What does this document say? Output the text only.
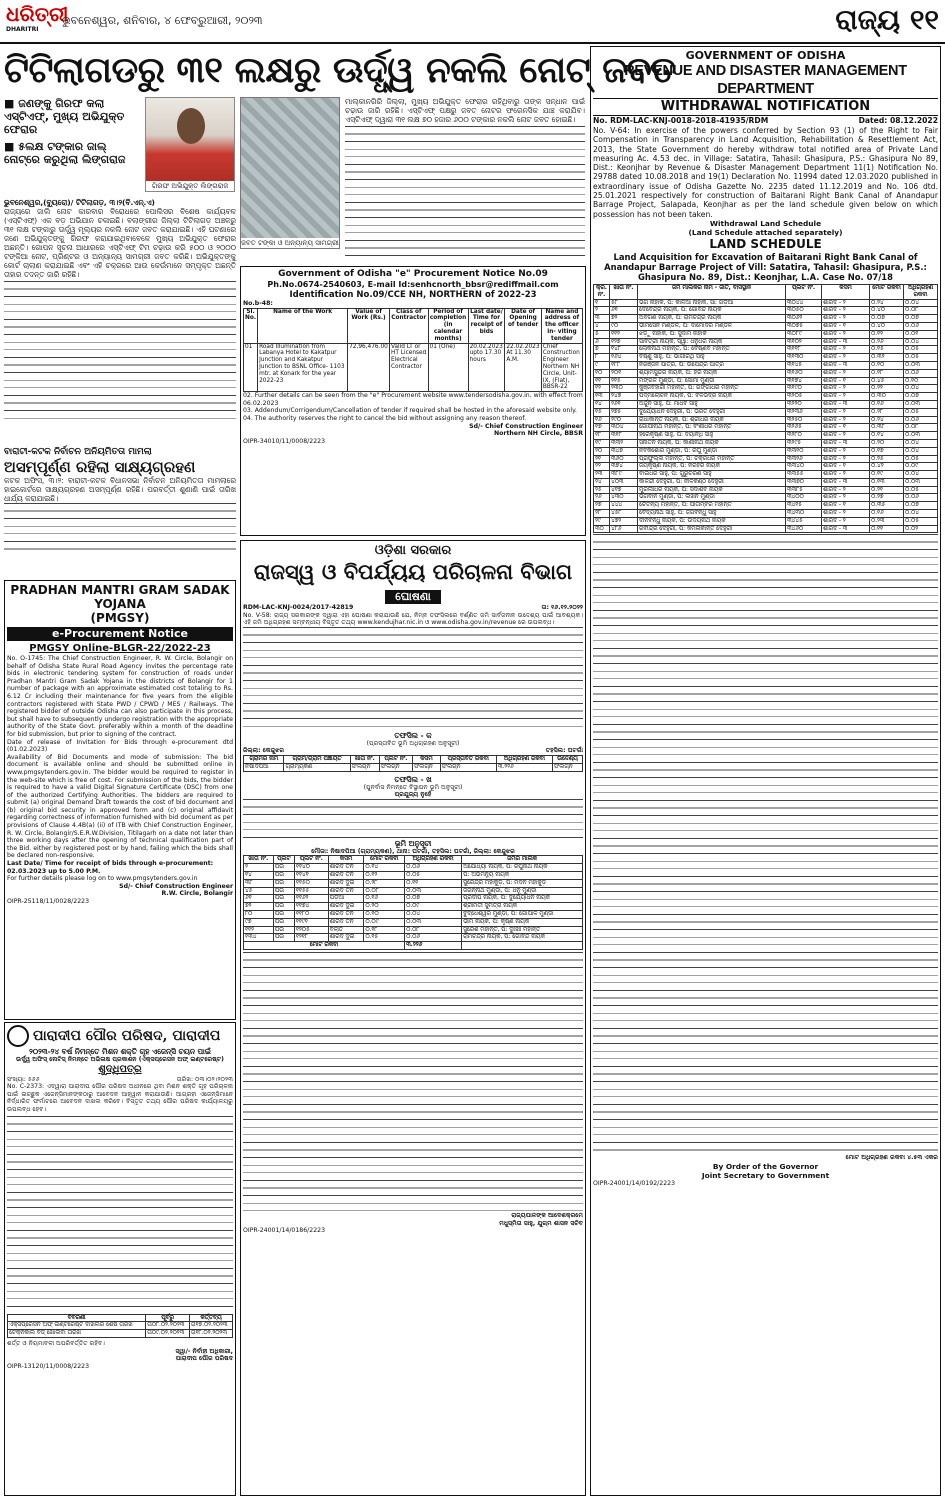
ଧରିତ୍ରୀ
DHARITRI
ଭୁବନେଶ୍ୱର, ଶନିବାର, ୪ ଫେବ୍ରୁଆରୀ, ୨୦୨୩	ରାଜ୍ୟ ୧୧
ଟିଟିଲାଗଡରୁ ୩୧ ଲକ୍ଷରୁ ଊର୍ଦ୍ଧ୍ୱ ନକଲି ନୋଟ୍ ଜବତ
■ ଜଣଙ୍କୁ ଗିରଫ କଲା ଏସ୍‌ଟିଏଫ୍, ମୁଖ୍ୟ ଅଭିଯୁକ୍ତ ଫେରାର
■ ୫ଲକ୍ଷ ଟଙ୍କାର ଜାଲ୍ ନୋଟ୍‌ରେ କରୁଥିଲା ଲିଙ୍ଗରାଜ
ଗିରଫ ଅଭିଯୁକ୍ତ ଲିଙ୍ଗରାଜ
ଜବତ ଟଙ୍କା ଓ ଅନ୍ୟାନ୍ୟ ସାମଗ୍ରୀ
ଭୁବନେଶ୍ୱର,(ବ୍ୟୁରୋ)/ ଟିଟିଲାଗଡ଼, ୩।୨(ବି.ଏନ୍.ଏ)
ରାଜ୍ୟରେ ଜାଲି ନୋଟ କାରବାର ବିରୋଧରେ ପୋଲିସର ବିଶେଷ କାର୍ଯ୍ୟବଳ (ଏସ୍‌ଟିଏଫ୍) ଏକ ବଡ଼ ଅଭିଯାନ ଚଳାଇଛି। ବଲାଙ୍ଗୀର ଜିଲ୍ଲା ଟିଟିଲାଗଡ଼ ଅଞ୍ଚଳରୁ ୩୧ ଲକ୍ଷ ଟଙ୍କାରୁ ଊର୍ଦ୍ଧ୍ୱ ମୂଲ୍ୟର ନକଲି ନୋଟ ଜବତ କରାଯାଇଛି। ଏହି ଘଟଣାରେ ଜଣେ ଅଭିଯୁକ୍ତଙ୍କୁ ଗିରଫ କରାଯାଇଥିବାବେଳେ ମୁଖ୍ୟ ଅଭିଯୁକ୍ତ ଫେରାର ଅଛନ୍ତି। ଗୋପନ ସୂଚନା ଆଧାରରେ ଏସ୍‌ଟିଏଫ୍ ଟିମ ଚଢ଼ାଉ କରି ୫୦୦ ଓ ୨୦୦୦ ଟଙ୍କିଆ ନୋଟ, ପ୍ରିଣ୍ଟର ଓ ଅନ୍ୟାନ୍ୟ ସାମଗ୍ରୀ ଜବତ କରିଛି। ଅଭିଯୁକ୍ତଙ୍କୁ କୋର୍ଟ ଚାଲାଣ କରାଯାଇଛି ଏବଂ ଏହି ଚକ୍ରରେ ଆଉ କେଉଁମାନେ ସମ୍ପୃକ୍ତ ଅଛନ୍ତି ତାହାର ତଦନ୍ତ ଜାରି ରହିଛି।
ମାଲ୍‌କାନଗିରି ଜିଲ୍ଲା, ମୁଖ୍ୟ ଅଭିଯୁକ୍ତ ଫେରାର ରହିଥିବାରୁ ତାଙ୍କ ସନ୍ଧାନ ପାଇଁ ଚଢ଼ାଉ ଜାରି ରହିଛି। ଏସ୍‌ଟିଏଫ୍ ପକ୍ଷରୁ ଜବତ ନୋଟର ଫରେନସିକ ଯାଞ୍ଚ କରାଯିବ। ଏସ୍‌ଟିଏଫ୍ ଦ୍ୱାରା ୩୧ ଲକ୍ଷ ୭୦ ହଜାର ୬୦୦ ଟଙ୍କାର ନକଲି ନୋଟ ଜବତ ହୋଇଛି।
ବାରାଟୀ-କଟକ ନିର୍ବାଚନ ଅନିୟମିତତା ମାମଲା
ଅସମ୍ପୂର୍ଣ୍ଣ ରହିଲା ସାକ୍ଷ୍ୟଗ୍ରହଣ
କଟକ ଅଫିସ, ୩।୨: ବାରାଟୀ-କଟକ ବିଧାନସଭା ନିର୍ବାଚନ ଅନିୟମିତତା ମାମଲାରେ ହାଇକୋର୍ଟରେ ସାକ୍ଷ୍ୟଗ୍ରହଣ ଅସମ୍ପୂର୍ଣ୍ଣ ରହିଛି। ପରବର୍ତ୍ତୀ ଶୁଣାଣି ପାଇଁ ତାରିଖ ଧାର୍ଯ୍ୟ କରାଯାଇଛି।
Government of Odisha "e" Procurement Notice No.09
Ph.No.0674-2540603, E-mail Id:senhcnorth_bbsr@rediffmail.com
Identification No.09/CCE NH, NORTHERN of 2022-23
No.b-48:
Sl. No.	Name of the Work	Value of Work (Rs.)	Class of Contractor	Period of completion (in calendar months)	Last date/ Time for receipt of bids	Date of Opening of tender	Name and address of the officer in- viting tender
01	Road Illumination from Labanya Hotel to Kakatpur Junction and Kakatpur Junction to BSNL Office- 1103 mtr. at Konark for the year 2022-23	72,96,476.00	Valid LT or HT Licensed Electrical Contractor	01 (One)	20.02.2023 upto 17.30 hours	22.02.2023 At 11.30 A.M.	Chief Construction Engineer Northern NH Circle, Unit- IX, (Flat), BBSR-22
02. Further details can be seen from the "e" Procurement website www.tendersodisha.gov.in. with effect from 06.02.2023
03. Addendum/Corrigendum/Cancellation of tender if required shall be hosted in the aforesaid website only.
04. The authority reserves the right to cancel the bid without assigning any reason thereof.
Sd/- Chief Construction Engineer
Northern NH Circle, BBSR
OIPR-34010/11/0008/2223
PRADHAN MANTRI GRAM SADAK YOJANA
(PMGSY)
e-Procurement Notice
PMGSY Online-BLGR-22/2022-23
No. O-1745: The Chief Construction Engineer, R. W. Circle, Bolangir on behalf of Odisha State Rural Road Agency invites the percentage rate bids in electronic tendering system for construction of roads under Pradhan Mantri Gram Sadak Yojana in the districts of Bolangir for 1 number of package with an approximate estimated cost totaling to Rs. 6.12 Cr including their maintenance for five years from the eligible contractors registered with State PWD / CPWD / MES / Railways. The registered bidder of outside Odisha can also participate in this process, but shall have to subsequently undergo registration with the appropriate authority of the State Govt. preferably within a month of the deadline for bid submission, but prior to signing of the contract.
Date of release of Invitation for Bids through e-procurement dtd (01.02.2023)
Availability of Bid Documents and mode of submission: The bid document is available online and should be submitted online in www.pmgsytenders.gov.in. The bidder would be required to register in the web-site which is free of cost. For submission of the bids, the bidder is required to have a valid Digital Signature Certificate (DSC) from one of the authorized Certifying Authorities. The bidders are required to submit (a) original Demand Draft towards the cost of bid document and (b) original bid security in approved form and (c) original affidavit regarding correctness of information furnished with bid document as per provisions of Clause 4.4B(a) (ii) of ITB with Chief Construction Engineer, R. W. Circle, Bolangir/S.E.R.W.Division, Titilagarh on a date not later than three working days after the opening of technical qualification part of the Bid. either by registered post or by hand, failing which the bids shall be declared non-responsive.
Last Date/ Time for receipt of bids through e-procurement: 02.03.2023 up to 5.00 P.M.
For further details please log on to www.pmgsytenders.gov.in
Sd/- Chief Construction Engineer
R.W. Circle, Bolangir
OIPR-25118/11/0028/2223
ପାରାଦୀପ ପୌର ପରିଷଦ, ପାରାଦୀପ
୨୦୨୩-୨୪ ବର୍ଷ ନିମନ୍ତେ ମିଶନ ଶକ୍ତି ଗୃହ ଏଜେନ୍ସି ଚୟନ ପାଇଁ
ଉର୍ଦ୍ଧ୍ୱ ଅଫିସ୍ ନୋଟିସ୍ ନିମନ୍ତେ ଅଭିଳାଷ ପ୍ରକାଶନ (ଏକ୍ସପ୍ରେସନ ଅଫ୍ ଇଣ୍ଟରେଷ୍ଟ)
ଶୁଦ୍ଧିପତ୍ର
ସଂଖ୍ୟା: ୫୬୬	ତାରିଖ: ୦୩।୦୨।୨୦୨୩
No. C-2373: ଏଦ୍ୱାରା ପାରାଦୀପ ପୌର ପରିଷଦ ଅଧୀନରେ ଥିବା ମିଶନ ଶକ୍ତି ଗୃହ ପରିଚାଳନା ପାଇଁ ଇଚ୍ଛୁକ ଏଜେନ୍ସିମାନଙ୍କଠାରୁ ଆବେଦନ ଆହ୍ୱାନ କରାଯାଉଛି। ଆଗ୍ରହୀ ଏଜେନ୍ସିମାନେ ନିର୍ଦ୍ଧାରିତ ଫର୍ମାଟରେ ଆବେଦନ ଦାଖଲ କରିବେ। ବିସ୍ତୃତ ତଥ୍ୟ ପୌର ପରିଷଦ କାର୍ଯ୍ୟାଳୟରୁ ଉପଲବ୍ଧ ହେବ।
ବିବରଣୀ	ପୂର୍ବରୁ	କର୍ତ୍ତବ୍ୟ
ଏକ୍ସପ୍ରେସନ ଅଫ୍ ଇଣ୍ଟରେଷ୍ଟ ଦାଖଲର ଶେଷ ତାରିଖ	ତା୦୮.୦୨.୨୦୨୩	ତା୧୭.୦୨.୨୦୨୩
ଟେକ୍‌ନିକାଲ ବିଡ୍ ଖୋଲିବା ତାରିଖ	ତା୦୯.୦୨.୨୦୨୩	ତା୧୮.୦୨.୨୦୨୩
ଶର୍ତ୍ତ ଓ ନିୟମାବଳୀ ଅପରିବର୍ତ୍ତିତ ରହିବ।
ସ୍ୱା/- ନିର୍ବାହୀ ଅଧିକାରୀ,
ପାରାଦୀପ ପୌର ପରିଷଦ
OIPR-13120/11/0008/2223
ଓଡ଼ିଶା ସରକାର
ରାଜସ୍ୱ ଓ ବିପର୍ଯ୍ୟୟ ପରିଚାଳନା ବିଭାଗ
ଘୋଷଣା
RDM-LAC-KNJ-0024/2017-42819	ତା: ୧୬.୧୨.୨୦୨୨
No. V-58: ରାଜ୍ୟ ସରକାରଙ୍କ ଦ୍ୱାରା ଏହା ଘୋଷଣା କରାଯାଉଛି ଯେ, ନିମ୍ନ ତଫସିଲରେ ବର୍ଣ୍ଣିତ ଜମି ସାର୍ବଜନୀନ ଉଦ୍ଦେଶ୍ୟ ପାଇଁ ଆବଶ୍ୟକ। ଏହି ଜମି ଅଧିଗ୍ରହଣ ସମ୍ବନ୍ଧୀୟ ବିସ୍ତୃତ ତଥ୍ୟ www.kendujhar.nic.in ଓ www.odisha.gov.in/revenue ରେ ଉପଲବ୍ଧ।
ତଫସିଲ - କ
(ପ୍ରସ୍ତାବିତ ଭୂମି ଅଧିଗ୍ରହଣ ଅନୁସୂଚୀ)
ଜିଲ୍ଲା: କେନ୍ଦୁଝର	ତହସିଲ: ଘଟଗାଁ
ଗ୍ରାମର ନାମ	ଗ୍ରାମ/ଗ୍ରାମ ପଞ୍ଚାୟତ	ଖାତା ନଂ.	ପ୍ଲଟ ନଂ.	କିସମ	ପ୍ରସ୍ତାବିତ ରକବା	ଅଧିଗ୍ରହଣ ରକବା	ଉଦ୍ଦେଶ୍ୟ
ନିଷାଦପିଆ	ଗ୍ରାମ୍ୟକଣ	ସଂଲଗ୍ନ	ସଂଲଗ୍ନ	ସଂଲଗ୍ନ	ସଂଲଗ୍ନ	୩.୨୨୬	ସଂଲଗ୍ନ
ତଫସିଲ - ଖ
(ପୁନର୍ବାସ ନିମନ୍ତେ ବିସ୍ଥାପନ ଭୂମି ଅନୁସୂଚୀ)
ପ୍ରଯୁଜ୍ୟ ନୁହେଁ
ଭୂମି ଅନୁସୂଚୀ
ମୌଜା: ନିଷାଦପିଆ (ଗ୍ରାମ୍ୟକଣ), ଥାନା: ଘଟଗାଁ, ତହସିଲ: ଘଟଗାଁ, ଜିଲ୍ଲା: କେନ୍ଦୁଝର
ଖାତା ନଂ.	ପ୍ଲଟ	ପ୍ଲଟ ନଂ.	କିସମ	ମୋଟ ରକବା	ଅଧିଗ୍ରହଣ ରକବା	ଜମିର ମାଲିକ
୨	ଘଉ	୧୧୪୦	ଶାରଦ ତିନି	୦.୧୪	୦.୦୬	ଅଯୋଧ୍ୟା ନାୟକ, ପି: ରଘୁନାଥ ନାୟକ
୧୪	ଘଉ	୧୧୪୧	ଶାରଦ ତିନି	୦.୧୨	୦.୦୫	ପି: ଅଭିମନ୍ୟୁ ନାୟକ
୩୮	ଘଉ	୧୧୫୦	ଶାରଦ ଦୁଇ	୦.୨୮	୦.୧୧	ସୁରେନ୍ଦ୍ର ମହାକୁଡ଼, ପି: ମଦନ ମହାକୁଡ଼
୪୫	ଘଉ	୧୧୫୫	ଶାରଦ ତିନି	୦.୦୮	୦.୦୩	ଜଗନ୍ନାଥ ମୁଣ୍ଡା, ପି: ଧନୁ ମୁଣ୍ଡା
୬୧	ଘଉ	୧୧୬୨	ପଡ଼ିଆ	୦.୧୬	୦.୦୭	ପ୍ରଦୀପ ନାୟକ, ପି: ଦୁର୍ଯ୍ୟୋଧନ ନାୟକ
୭୨	ଘଉ	୧୧୭୪	ଶାରଦ ଦୁଇ	୦.୨୦	୦.୦୯	ଶ୍ରୀମତୀ ସୁମିତ୍ରା ନାୟକ
୮୦	ଘଉ	୧୧୮୦	ଶାରଦ ତିନି	୦.୧୦	୦.୦୪	ବୁଦ୍ଧେଶ୍ୱର ମୁଣ୍ଡା, ପି: ଗୋପାଳ ମୁଣ୍ଡା
୯୭	ଘଉ	୧୧୯୧	ଶାରଦ ତିନି	୦.୦୯	୦.୦୩	ଭୀମ ନାୟକ, ପି: କୃଷ୍ଣ ନାୟକ
୧୧୨	ଘଉ	୧୨୦୫	ବିଲାତି	୦.୧୮	୦.୦୮	ସୁରେଶ ମହାନ୍ତ, ପି: ଦୁଃଖୀ ମହାନ୍ତ
୧୩୪	ଘଉ	୧୨୧୮	ଶାରଦ ଦୁଇ	୦.୧୫	୦.୦୬	ରାମଚନ୍ଦ୍ର ନାୟକ, ପି: ଗୋବିନ୍ଦ ନାୟକ
ମୋଟ ରକବା					୩.୨୨୬	
ରାଜ୍ୟପାଳଙ୍କ ଆଦେଶକ୍ରମେ
ମଧୁସ୍ମିତା ସାହୁ, ଯୁଗ୍ମ ଶାସନ ସଚିବ
OIPR-24001/14/0186/2223
GOVERNMENT OF ODISHA
REVENUE AND DISASTER MANAGEMENT DEPARTMENT
WITHDRAWAL NOTIFICATION
No. RDM-LAC-KNJ-0018-2018-41935/RDM	Dated: 08.12.2022
No. V-64: In exercise of the powers conferred by Section 93 (1) of the Right to Fair Compensation in Transparency in Land Acquisition, Rehabilitation & Resettlement Act, 2013, the State Government do hereby withdraw total notified area of Private Land measuring Ac. 4.53 dec. in Village: Satatira, Tahasil: Ghasipura, P.S.: Ghasipura No 89, Dist.: Keonjhar by Revenue & Disaster Management Department 11(1) Notification No. 29788 dated 10.08.2018 and 19(1) Declaration No. 11994 dated 12.03.2020 published in extraordinary issue of Odisha Gazette No. 2235 dated 11.12.2019 and No. 106 dtd. 25.01.2021 respectively for construction of Baitarani Right Bank Canal of Anandapur Barrage Project, Salapada, Keonjhar as per the land schedule given below on which possession has not been taken.
Withdrawal Land Schedule
(Land Schedule attached separately)
LAND SCHEDULE
Land Acquisition for Excavation of Baitarani Right Bank Canal of Anandapur Barrage Project of Vill: Satatira, Tahasil: Ghasipura, P.S.: Ghasipura No. 89, Dist.: Keonjhar, L.A. Case No. 07/18
କ୍ର. ନଂ.	ଖାତା ନଂ.	ଜମି ମାଲିକର ନାମ - ଜାତି, ବାସସ୍ଥାନ	ପ୍ଲଟ ନଂ.	କିସମ	ମୋଟ ରକବା	ଅଧିଗ୍ରହଣ ରକବା
୧	୫୮	ଭଗ ନାହାକ, ପି: କାଳିଆ ନାହାକ, ସା: ଗଡ଼ିଆ	୩୦୪୪	ଶାରଦ - ୨	୦.୨୪	୦.୦୪
୨	୬୧	ଦେବେନ୍ଦ୍ର ନାୟକ, ପି: ଗୋବିନ୍ଦ ନାୟକ	୩୦୫୦	ଶାରଦ - ୨	୦.୪୦	୦.୦୮
୩	୭୨	ଅବଗଣ ନାୟକ, ପି: ରାମଚନ୍ଦ୍ର ନାୟକ	୩୦୬୨	ଶାରଦ - ୨	୦.୦୭	୦.୦୭
୪	୯୦	ଭୀମସେନ ମଣ୍ଡଳ, ପି: ଦାମୋଦର ମଣ୍ଡଳ	୩୦୭୫	ଶାରଦ - ୧	୦.୪୦	୦.୦୬
୫	୧୧୨	ଝଡ଼ୁ ନାହାକ, ପି: ସୁଦାମ ନାହାକ	୩୦୮୯	ଶାରଦ - ୨	୦.୧୨	୦.୦୧
୬	୧୨୭	ସାବିତ୍ରୀ ନାୟକ, ସ୍ୱା: ଧନୁଧର ନାୟକ	୩୧୦୨	ଶାରଦ - ୩	୦.୨୬	୦.୦୪
୭	୧୪୮	ଲୋକନାଥ ମହାନ୍ତ, ପି: ବୈଷ୍ଣବ ମହାନ୍ତ	୩୧୧୮	ଶାରଦ - ୨	୦.୧୫	୦.୦୫
୮	୧୬୪	ବିଷ୍ଣୁ ସାହୁ, ପି: ଭାଗୀରଥି ସାହୁ	୩୧୩୦	ଶାରଦ - ୨	୦.୩୨	୦.୦୫
୯	୧୮୮	ନିରଞ୍ଜନ ପାତ୍ର, ପି: ଉପେନ୍ଦ୍ର ପାତ୍ର	୩୧୪୫	ଶାରଦ - ୩	୦.୧୦	୦.୦୩
୧୦	୨୦୧	ଶ୍ୟାମସୁନ୍ଦର ନାୟକ, ପି: ହରି ନାୟକ	୩୧୬୦	ଶାରଦ - ୨	୦.୧୮	୦.୦୬
୧୧	୨୧୫	ମଙ୍ଗଳ ମୁଣ୍ଡା, ପି: ସୋମା ମୁଣ୍ଡା	୩୧୭୪	ଶାରଦ - ୧	୦.୪୫	୦.୧୦
୧୨	୨୩୦	କୁଞ୍ଜବିହାରୀ ମହାନ୍ତ, ପି: ଗଙ୍ଗାଧର ମହାନ୍ତ	୩୧୯୦	ଶାରଦ - ୨	୦.୨୨	୦.୦୪
୧୩	୨୪୭	ପଦ୍ମଲୋଚନ ନାୟକ, ପି: ବଳଭଦ୍ର ନାୟକ	୩୨୦୫	ଶାରଦ - ୨	୦.୩୦	୦.୦୭
୧୪	୨୬୧	ଅର୍ଜୁନ ସାହୁ, ପି: ମାଧବ ସାହୁ	୩୨୨୦	ଶାରଦ - ୩	୦.୧୬	୦.୦୩
୧୫	୨୭୫	ଦୁର୍ଯ୍ୟୋଧନ ଦେହୁରୀ, ପି: ଭରତ ଦେହୁରୀ	୩୨୩୬	ଶାରଦ - ୨	୦.୨୮	୦.୦୫
୧୬	୨୯୦	ରାଧାକାନ୍ତ ନାୟକ, ପି: ଶ୍ରୀଧର ନାୟକ	୩୨୫୦	ଶାରଦ - ୨	୦.୨୪	୦.୦୬
୧୭	୩୦୪	ଗୋପୀନାଥ ମହାନ୍ତ, ପି: ବଂଶୀଧର ମହାନ୍ତ	୩୨୬୫	ଶାରଦ - ୧	୦.୩୮	୦.୦୮
୧୮	୩୧୮	ହରେକୃଷ୍ଣ ସାହୁ, ପି: ଦୟାନିଧି ସାହୁ	୩୨୮୦	ଶାରଦ - ୨	୦.୧୪	୦.୦୩
୧୯	୩୩୨	ସନାତନ ନାୟକ, ପି: କାଶୀନାଥ ନାୟକ	୩୨୯୫	ଶାରଦ - ୩	୦.୨୦	୦.୦୪
୨୦	୩୪୭	ନବକିଶୋର ମୁଣ୍ଡା, ପି: ରଘୁ ମୁଣ୍ଡା	୩୩୧୦	ଶାରଦ - ୨	୦.୧୭	୦.୦୪
୨୧	୩୬୦	ପ୍ରଫୁଲ୍ଲ ମହାନ୍ତ, ପି: ଚକ୍ରଧର ମହାନ୍ତ	୩୩୨୬	ଶାରଦ - ୨	୦.୨୫	୦.୦୫
୨୨	୩୭୪	ଜୟକୃଷ୍ଣ ନାୟକ, ପି: ନରହରି ନାୟକ	୩୩୪୦	ଶାରଦ - ୧	୦.୪୨	୦.୦୯
୨୩	୩୮୯	ବାଇଧର ସାହୁ, ପି: ଗୁରୁଚରଣ ସାହୁ	୩୩୫୫	ଶାରଦ - ୨	୦.୧୯	୦.୦୪
୨୪	୪୦୩	କାଳନ୍ଦୀ ଦେହୁରୀ, ପି: ନୀଳକଣ୍ଠ ଦେହୁରୀ	୩୩୭୦	ଶାରଦ - ୩	୦.୧୩	୦.୦୩
୨୫	୪୧୭	ମୁରଲୀଧର ନାୟକ, ପି: ସଦାଶିବ ନାୟକ	୩୩୮୫	ଶାରଦ - ୨	୦.୨୧	୦.୦୫
୨୬	୪୩୦	ଭଗବାନ ମୁଣ୍ଡା, ପି: ଲଖନ ମୁଣ୍ଡା	୩୪୦୦	ଶାରଦ - ୨	୦.୨୭	୦.୦୬
୨୭	୪୪୪	ଚୈତନ୍ୟ ମହାନ୍ତ, ପି: ପୀତାମ୍ବର ମହାନ୍ତ	୩୪୧୫	ଶାରଦ - ୧	୦.୩୫	୦.୦୭
୨୮	୪୫୮	ବୈଦ୍ୟନାଥ ସାହୁ, ପି: ଜଗବନ୍ଧୁ ସାହୁ	୩୪୩୦	ଶାରଦ - ୨	୦.୧୬	୦.୦୪
୨୯	୪୭୨	ଦୀନବନ୍ଧୁ ନାୟକ, ପି: ଉଦୟନାଥ ନାୟକ	୩୪୪୫	ଶାରଦ - ୨	୦.୨୩	୦.୦୫
୩୦	୪୮୬	ରବୀନ୍ଦ୍ର ଦେହୁରୀ, ପି: କମଳାକାନ୍ତ ଦେହୁରୀ	୩୪୬୦	ଶାରଦ - ୩	୦.୧୧	୦.୦୨
ମୋଟ ଅଧିଗ୍ରହଣ ରକବା ୪.୫୩ ଏକର
By Order of the Governor
Joint Secretary to Government
OIPR-24001/14/0192/2223
